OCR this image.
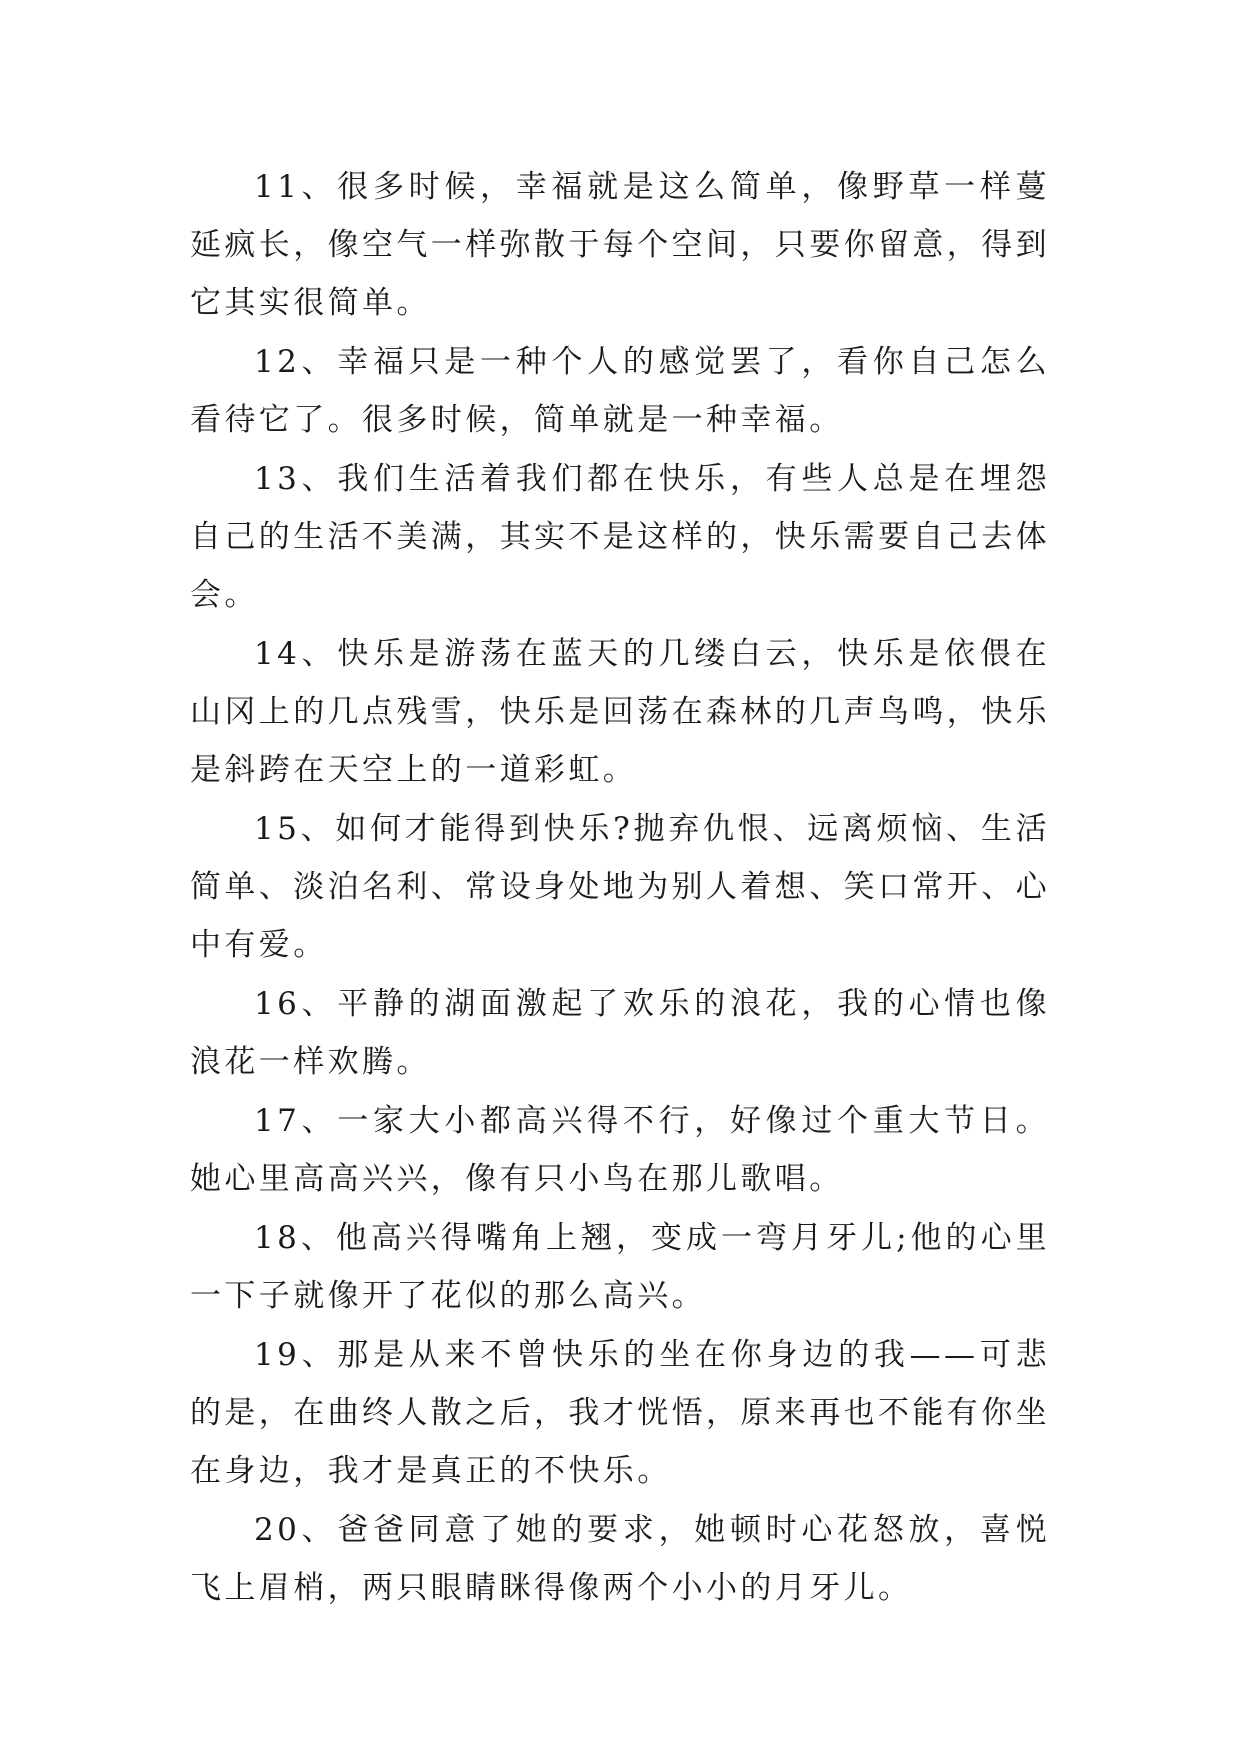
11、很多时候，幸福就是这么简单，像野草一样蔓延疯长，像空气一样弥散于每个空间，只要你留意，得到它其实很简单。

12、幸福只是一种个人的感觉罢了，看你自己怎么看待它了。很多时候，简单就是一种幸福。

13、我们生活着我们都在快乐，有些人总是在埋怨自己的生活不美满，其实不是这样的，快乐需要自己去体会。

14、快乐是游荡在蓝天的几缕白云，快乐是依偎在山冈上的几点残雪，快乐是回荡在森林的几声鸟鸣，快乐是斜跨在天空上的一道彩虹。

15、如何才能得到快乐?抛弃仇恨、远离烦恼、生活简单、淡泊名利、常设身处地为别人着想、笑口常开、心中有爱。

16、平静的湖面激起了欢乐的浪花，我的心情也像浪花一样欢腾。

17、一家大小都高兴得不行，好像过个重大节日。她心里高高兴兴，像有只小鸟在那儿歌唱。

18、他高兴得嘴角上翘，变成一弯月牙儿;他的心里一下子就像开了花似的那么高兴。

19、那是从来不曾快乐的坐在你身边的我——可悲的是，在曲终人散之后，我才恍悟，原来再也不能有你坐在身边，我才是真正的不快乐。

20、爸爸同意了她的要求，她顿时心花怒放，喜悦飞上眉梢，两只眼睛眯得像两个小小的月牙儿。
